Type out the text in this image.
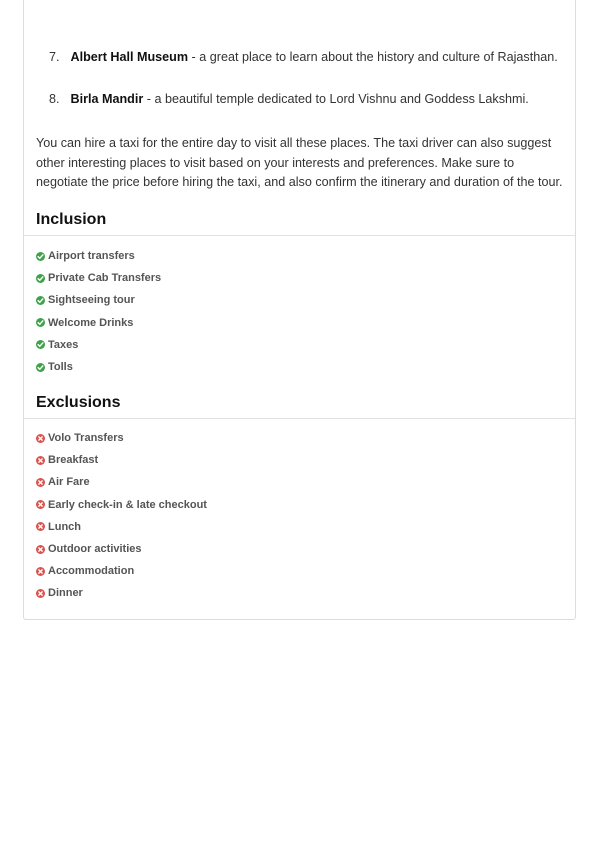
7. Albert Hall Museum - a great place to learn about the history and culture of Rajasthan.
8. Birla Mandir - a beautiful temple dedicated to Lord Vishnu and Goddess Lakshmi.

You can hire a taxi for the entire day to visit all these places. The taxi driver can also suggest other interesting places to visit based on your interests and preferences. Make sure to negotiate the price before hiring the taxi, and also confirm the itinerary and duration of the tour.

Inclusion
Airport transfers
Private Cab Transfers
Sightseeing tour
Welcome Drinks
Taxes
Tolls
Exclusions
Volo Transfers
Breakfast
Air Fare
Early check-in & late checkout
Lunch
Outdoor activities
Accommodation
Dinner
